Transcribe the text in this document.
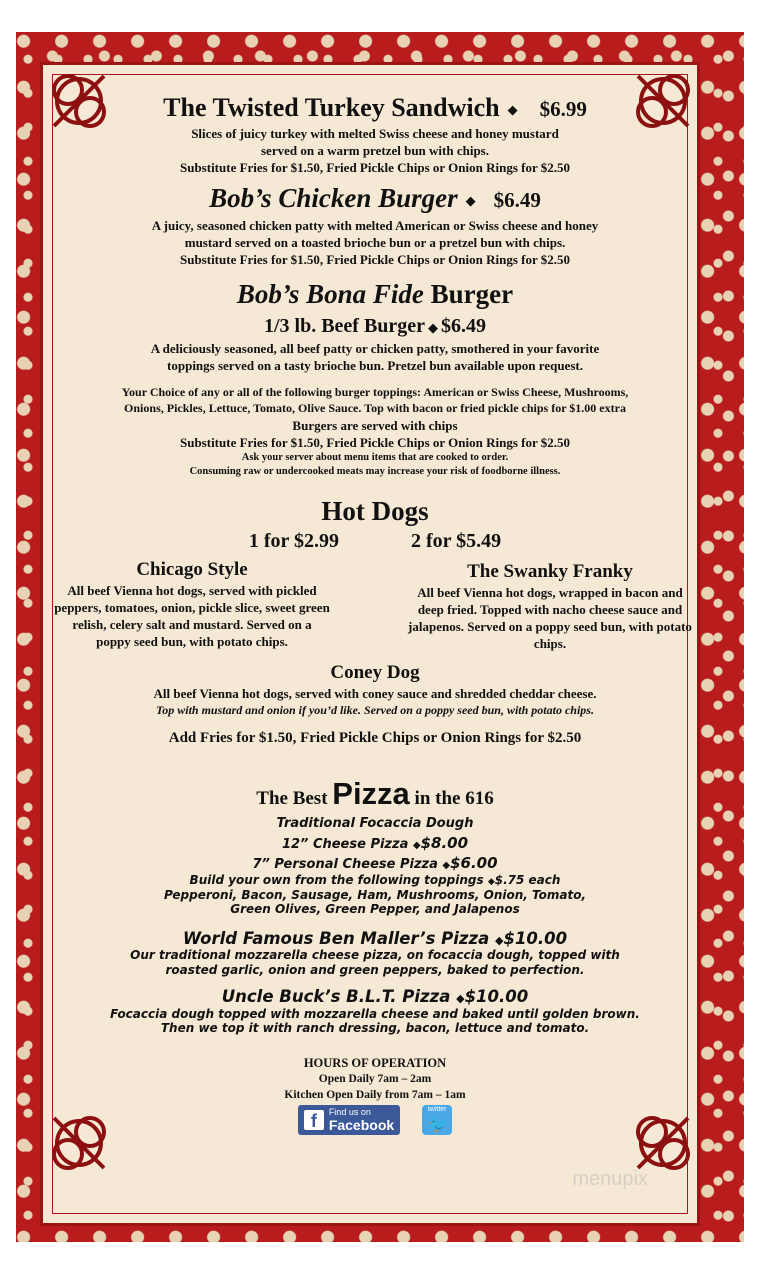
The Twisted Turkey Sandwich ◆ $6.99

Slices of juicy turkey with melted Swiss cheese and honey mustard

served on a warm pretzel bun with chips.

Substitute Fries for $1.50, Fried Pickle Chips or Onion Rings for $2.50

Bob’s Chicken Burger ◆ $6.49

A juicy, seasoned chicken patty with melted American or Swiss cheese and honey

mustard served on a toasted brioche bun or a pretzel bun with chips.

Substitute Fries for $1.50, Fried Pickle Chips or Onion Rings for $2.50

Bob’s Bona Fide Burger

1/3 lb. Beef Burger ◆ $6.49

A deliciously seasoned, all beef patty or chicken patty, smothered in your favorite

toppings served on a tasty brioche bun. Pretzel bun available upon request.

Your Choice of any or all of the following burger toppings: American or Swiss Cheese, Mushrooms,

Onions, Pickles, Lettuce, Tomato, Olive Sauce. Top with bacon or fried pickle chips for $1.00 extra

Burgers are served with chips

Substitute Fries for $1.50, Fried Pickle Chips or Onion Rings for $2.50

Ask your server about menu items that are cooked to order.

Consuming raw or undercooked meats may increase your risk of foodborne illness.

Hot Dogs

1 for $2.99	2 for $5.49

Chicago Style

All beef Vienna hot dogs, served with pickled

peppers, tomatoes, onion, pickle slice, sweet green

relish, celery salt and mustard. Served on a

poppy seed bun, with potato chips.

The Swanky Franky

All beef Vienna hot dogs, wrapped in bacon and

deep fried. Topped with nacho cheese sauce and

jalapenos. Served on a poppy seed bun, with potato

chips.

Coney Dog

All beef Vienna hot dogs, served with coney sauce and shredded cheddar cheese.

Top with mustard and onion if you’d like. Served on a poppy seed bun, with potato chips.

Add Fries for $1.50, Fried Pickle Chips or Onion Rings for $2.50

The Best Pizza in the 616

Traditional Focaccia Dough

12” Cheese Pizza ◆$8.00

7” Personal Cheese Pizza ◆$6.00

Build your own from the following toppings ◆$.75 each

Pepperoni, Bacon, Sausage, Ham, Mushrooms, Onion, Tomato,

Green Olives, Green Pepper, and Jalapenos

World Famous Ben Maller’s Pizza ◆$10.00

Our traditional mozzarella cheese pizza, on focaccia dough, topped with

roasted garlic, onion and green peppers, baked to perfection.

Uncle Buck’s B.L.T. Pizza ◆$10.00

Focaccia dough topped with mozzarella cheese and baked until golden brown.

Then we top it with ranch dressing, bacon, lettuce and tomato.

HOURS OF OPERATION

Open Daily 7am – 2am

Kitchen Open Daily from 7am – 1am

f	Find us on
Facebook
twitter
🐦
menupix
